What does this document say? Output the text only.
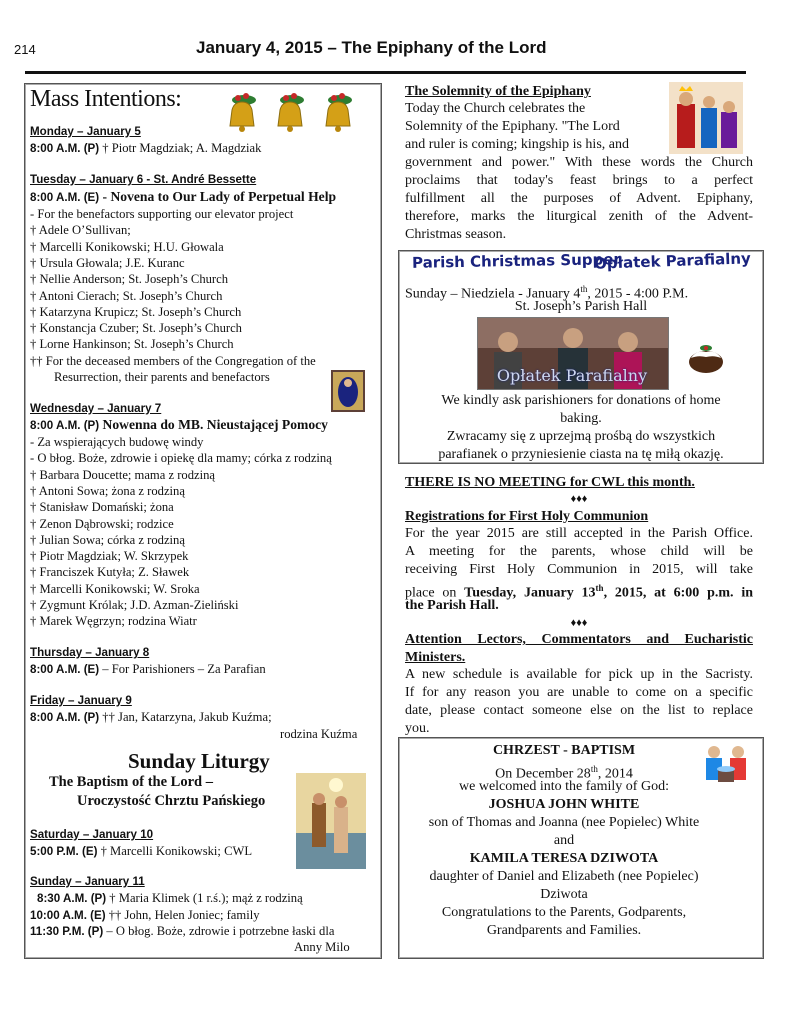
214	January 4, 2015 – The Epiphany of the Lord
Mass Intentions:
Monday – January 5
8:00 A.M. (P) † Piotr Magdziak; A. Magdziak
Tuesday – January 6 - St. André Bessette
8:00 A.M. (E) - Novena to Our Lady of Perpetual Help
- For the benefactors supporting our elevator project
† Adele O’Sullivan;
† Marcelli Konikowski; H.U. Głowala
† Ursula Głowala; J.E. Kuranc
† Nellie Anderson; St. Joseph’s Church
† Antoni Cierach; St. Joseph’s Church
† Katarzyna Krupicz; St. Joseph’s Church
† Konstancja Czuber; St. Joseph’s Church
† Lorne Hankinson; St. Joseph’s Church
†† For the deceased members of the Congregation of the
Resurrection, their parents and benefactors
Wednesday – January 7
8:00 A.M. (P) Nowenna do MB. Nieustającej Pomocy
- Za wspierających budowę windy
- O błog. Boże, zdrowie i opiekę dla mamy; córka z rodziną
† Barbara Doucette; mama z rodziną
† Antoni Sowa; żona z rodziną
† Stanisław Domański; żona
† Zenon Dąbrowski; rodzice
† Julian Sowa; córka z rodziną
† Piotr Magdziak; W. Skrzypek
† Franciszek Kutyła; Z. Sławek
† Marcelli Konikowski; W. Sroka
† Zygmunt Królak; J.D. Azman-Zieliński
† Marek Węgrzyn; rodzina Wiatr
Thursday – January 8
8:00 A.M. (E) – For Parishioners – Za Parafian
Friday – January 9
8:00 A.M. (P) †† Jan, Katarzyna, Jakub Kuźma;
rodzina Kuźma
Sunday Liturgy
The Baptism of the Lord –
Uroczystość Chrztu Pańskiego
Saturday – January 10
5:00 P.M. (E) † Marcelli Konikowski; CWL
Sunday – January 11
8:30 A.M. (P) † Maria Klimek (1 r.ś.); mąż z rodziną
10:00 A.M. (E) †† John, Helen Joniec; family
11:30 P.M. (P) – O błog. Boże, zdrowie i potrzebne łaski dla
Anny Milo
The Solemnity of the Epiphany
Today the Church celebrates the
Solemnity of the Epiphany. "The Lord
and ruler is coming; kingship is his, and
government and power." With these words the Church
proclaims that today's feast brings to a perfect
fulfillment all the purposes of Advent. Epiphany,
therefore, marks the liturgical zenith of the Advent-
Christmas season.
Parish Christmas Supper
Opłatek Parafialny
Sunday – Niedziela - January 4th, 2015 - 4:00 P.M.
St. Joseph’s Parish Hall
Opłatek Parafialny
We kindly ask parishioners for donations of home
baking.
Zwracamy się z uprzejmą prośbą do wszystkich
parafianek o przyniesienie ciasta na tę miłą okazję.
THERE IS NO MEETING for CWL this month.
♦♦♦
Registrations for First Holy Communion
For the year 2015 are still accepted in the Parish Office.
A meeting for the parents, whose child will be
receiving First Holy Communion in 2015, will take
place on Tuesday, January 13th, 2015, at 6:00 p.m. in
the Parish Hall.
♦♦♦
Attention Lectors, Commentators and Eucharistic
Ministers.
A new schedule is available for pick up in the Sacristy.
If for any reason you are unable to come on a specific
date, please contact someone else on the list to replace
you.
CHRZEST - BAPTISM
On December 28th, 2014
we welcomed into the family of God:
JOSHUA JOHN WHITE
son of Thomas and Joanna (nee Popielec) White
and
KAMILA TERESA DZIWOTA
daughter of Daniel and Elizabeth (nee Popielec)
Dziwota
Congratulations to the Parents, Godparents,
Grandparents and Families.
